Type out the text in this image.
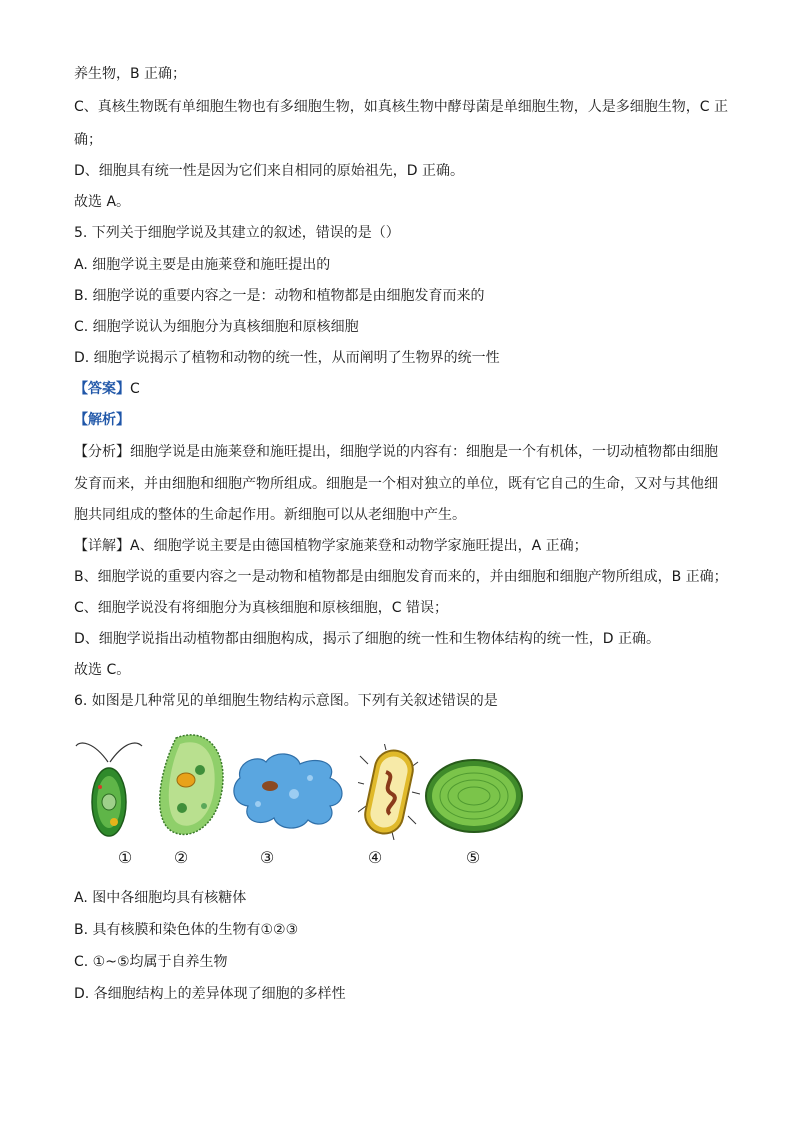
养生物，B 正确；
C、真核生物既有单细胞生物也有多细胞生物，如真核生物中酵母菌是单细胞生物，人是多细胞生物，C 正
确；
D、细胞具有统一性是因为它们来自相同的原始祖先，D 正确。
故选 A。
5. 下列关于细胞学说及其建立的叙述，错误的是（）
A. 细胞学说主要是由施莱登和施旺提出的
B. 细胞学说的重要内容之一是：动物和植物都是由细胞发育而来的
C. 细胞学说认为细胞分为真核细胞和原核细胞
D. 细胞学说揭示了植物和动物的统一性，从而阐明了生物界的统一性
【答案】C
【解析】
【分析】细胞学说是由施莱登和施旺提出，细胞学说的内容有：细胞是一个有机体，一切动植物都由细胞
发育而来，并由细胞和细胞产物所组成。细胞是一个相对独立的单位，既有它自己的生命，又对与其他细
胞共同组成的整体的生命起作用。新细胞可以从老细胞中产生。
【详解】A、细胞学说主要是由德国植物学家施莱登和动物学家施旺提出，A 正确；
B、细胞学说的重要内容之一是动物和植物都是由细胞发育而来的，并由细胞和细胞产物所组成，B 正确；
C、细胞学说没有将细胞分为真核细胞和原核细胞，C 错误；
D、细胞学说指出动植物都由细胞构成，揭示了细胞的统一性和生物体结构的统一性，D 正确。
故选 C。
6. 如图是几种常见的单细胞生物结构示意图。下列有关叙述错误的是
①	②	③	④	⑤
A. 图中各细胞均具有核糖体
B. 具有核膜和染色体的生物有①②③
C. ①~⑤均属于自养生物
D. 各细胞结构上的差异体现了细胞的多样性
